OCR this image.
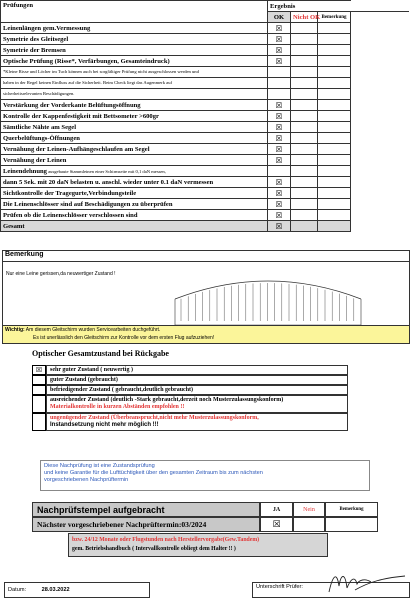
Prüfungen	Ergebnis			
	OK	Nicht OK	Bemerkung	
Leinenlängen gem.Vermessung	☒			
Symetrie des Gleitsegel	☒			
Symetrie der Bremsen	☒			
Optische Prüfung (Risse*, Verfärbungen, Gesamteindruck)	☒			
*Kleine Risse und Löcher im Tuch können auch bei sorgfältiger Prüfung nicht ausgeschlossen werden und				
haben in der Regel keinen Einfluss auf die Sicherheit. Beim Check liegt das Augenmerk auf				
sicherheitsrelevanten Beschädigungen.				
Verstärkung der Vorderkante Belüftungsöffnung	☒			
Kontrolle der Kappenfestigkeit mit Bettsometer >600gr	☒			
Sämtliche Nähte am Segel	☒			
Querbelüftungs-Öffnungen	☒			
Vernähung der Leinen-Aufhängeschlaufen am Segel	☒			
Vernähung der Leinen	☒			
Leinendehnung ausgebaute Stammleinen einer Schirmseite mit 0,1 daN messen,				
dann 5 Sek. mit 20 daN belasten u. anschl. wieder unter 0.1 daN vermessen	☒			
Sichtkontrolle der Tragegurte,Verbindungsteile	☒			
Die Leinenschlösser sind auf Beschädigungen zu überprüfen	☒			
Prüfen ob die Leinenschlösser verschlossen sind	☒			
Gesamt	☒			
Bemerkung
Nur eine Leine gerissen,da neuwertiger Zustand !
Wichtig: Am diesem Gleitschirm wurden Servicearbeiten duchgeführt.
Es ist unerlässlich den Gleitschirm zur Kontrolle vor dem ersten Flug aufzuziehen!
Optischer Gesamtzustand bei Rückgabe
☒	sehr guter Zustand ( neuwertig )
guter Zustand (gebraucht)
befriedigender Zustand ( gebraucht,deutlich gebraucht)
ausreichender Zustand (deutlich -Stark gebraucht,derzeit noch Musterzulassungskonform)
Materialkontrolle in kurzen Abständen empfohlen !!
ungenügender Zustand (Überbeansprucht,nicht mehr Musterzulassungskonform,
Instandsetzung nicht mehr möglich !!!
Diese Nachprüfung ist eine Zustandsprüfung
und keine Garantie für die Lufttüchtigkeit über den gesamten Zeitraum bis zum nächsten
vorgeschriebenen Nachprüftermin
Nachprüfstempel aufgebracht	JA	Nein	Bemerkung
Nächster vorgeschriebener Nachprüftermin:03/2024	☒
bzw. 24/12 Monate oder Flugstunden nach Herstellervorgabe(Gew.Tandem)
gem. Betriebshandbuch ( Intervallkontrolle obliegt dem Halter !! )
Datum:	28.03.2022	Unterschrift Prüfer:
